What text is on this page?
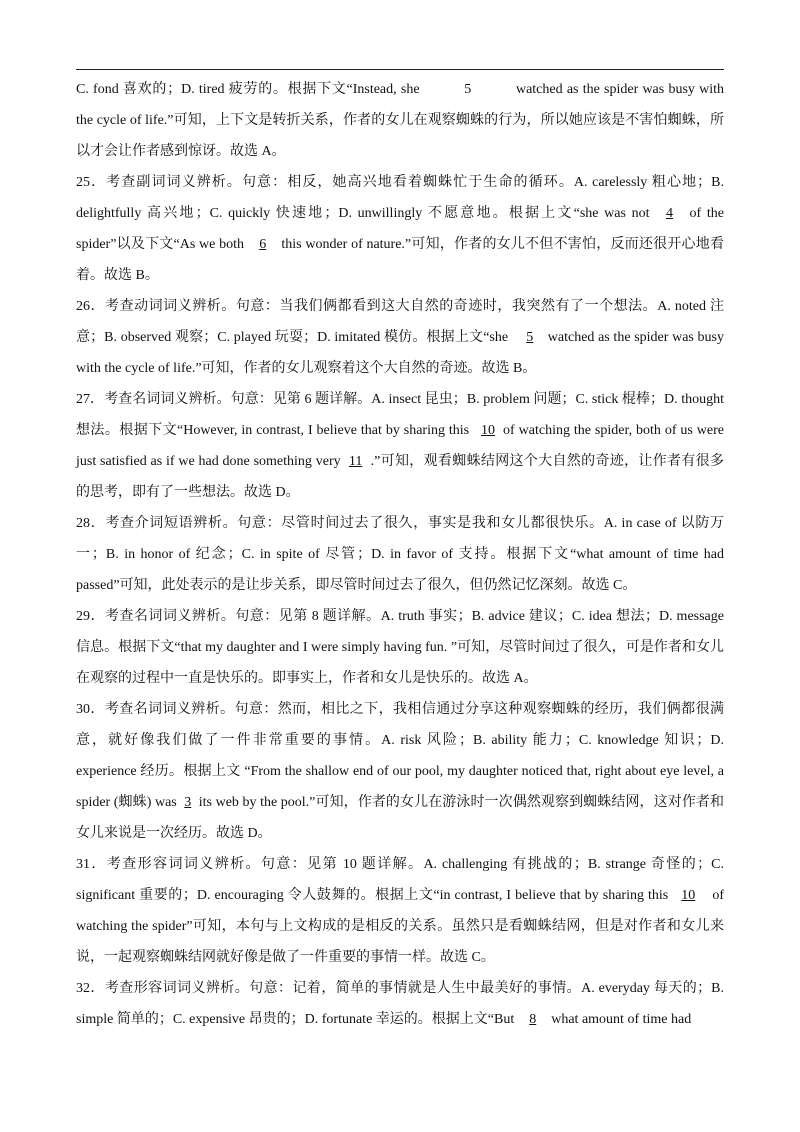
C. fond 喜欢的；D. tired 疲劳的。根据下文“Instead, she	5	watched as the spider was busy with the cycle of life.”可知，上下文是转折关系，作者的女儿在观察蜘蛛的行为，所以她应该是不害怕蜘蛛，所以才会让作者感到惊讶。故选 A。

25．考查副词词义辨析。句意：相反，她高兴地看着蜘蛛忙于生命的循环。A. carelessly 粗心地；B. delightfully 高兴地；C. quickly 快速地；D. unwillingly 不愿意地。根据上文“she was not 4 of the spider”以及下文“As we both 6 this wonder of nature.”可知，作者的女儿不但不害怕，反而还很开心地看着。故选 B。

26．考查动词词义辨析。句意：当我们俩都看到这大自然的奇迹时，我突然有了一个想法。A. noted 注意；B. observed 观察；C. played 玩耍；D. imitated 模仿。根据上文“she 5 watched as the spider was busy with the cycle of life.”可知，作者的女儿观察着这个大自然的奇迹。故选 B。

27．考查名词词义辨析。句意：见第 6 题详解。A. insect 昆虫；B. problem 问题；C. stick 棍棒；D. thought 想法。根据下文“However, in contrast, I believe that by sharing this 10 of watching the spider, both of us were just satisfied as if we had done something very 11 .”可知，观看蜘蛛结网这个大自然的奇迹，让作者有很多的思考，即有了一些想法。故选 D。

28．考查介词短语辨析。句意：尽管时间过去了很久，事实是我和女儿都很快乐。A. in case of 以防万一；B. in honor of 纪念；C. in spite of 尽管；D. in favor of 支持。根据下文“what amount of time had passed”可知，此处表示的是让步关系，即尽管时间过去了很久，但仍然记忆深刻。故选 C。

29．考查名词词义辨析。句意：见第 8 题详解。A. truth 事实；B. advice 建议；C. idea 想法；D. message 信息。根据下文“that my daughter and I were simply having fun. ”可知，尽管时间过了很久，可是作者和女儿在观察的过程中一直是快乐的。即事实上，作者和女儿是快乐的。故选 A。

30．考查名词词义辨析。句意：然而，相比之下，我相信通过分享这种观察蜘蛛的经历，我们俩都很满意，就好像我们做了一件非常重要的事情。A. risk 风险；B. ability 能力；C. knowledge 知识；D. experience 经历。根据上文 “From the shallow end of our pool, my daughter noticed that, right about eye level, a spider (蜘蛛) was 3 its web by the pool.”可知，作者的女儿在游泳时一次偶然观察到蜘蛛结网，这对作者和女儿来说是一次经历。故选 D。

31．考查形容词词义辨析。句意：见第 10 题详解。A. challenging 有挑战的；B. strange 奇怪的；C. significant 重要的；D. encouraging 令人鼓舞的。根据上文“in contrast, I believe that by sharing this 10 of watching the spider”可知，本句与上文构成的是相反的关系。虽然只是看蜘蛛结网，但是对作者和女儿来说，一起观察蜘蛛结网就好像是做了一件重要的事情一样。故选 C。

32．考查形容词词义辨析。句意：记着，简单的事情就是人生中最美好的事情。A. everyday 每天的；B. simple 简单的；C. expensive 昂贵的；D. fortunate 幸运的。根据上文“But 8 what amount of time had
